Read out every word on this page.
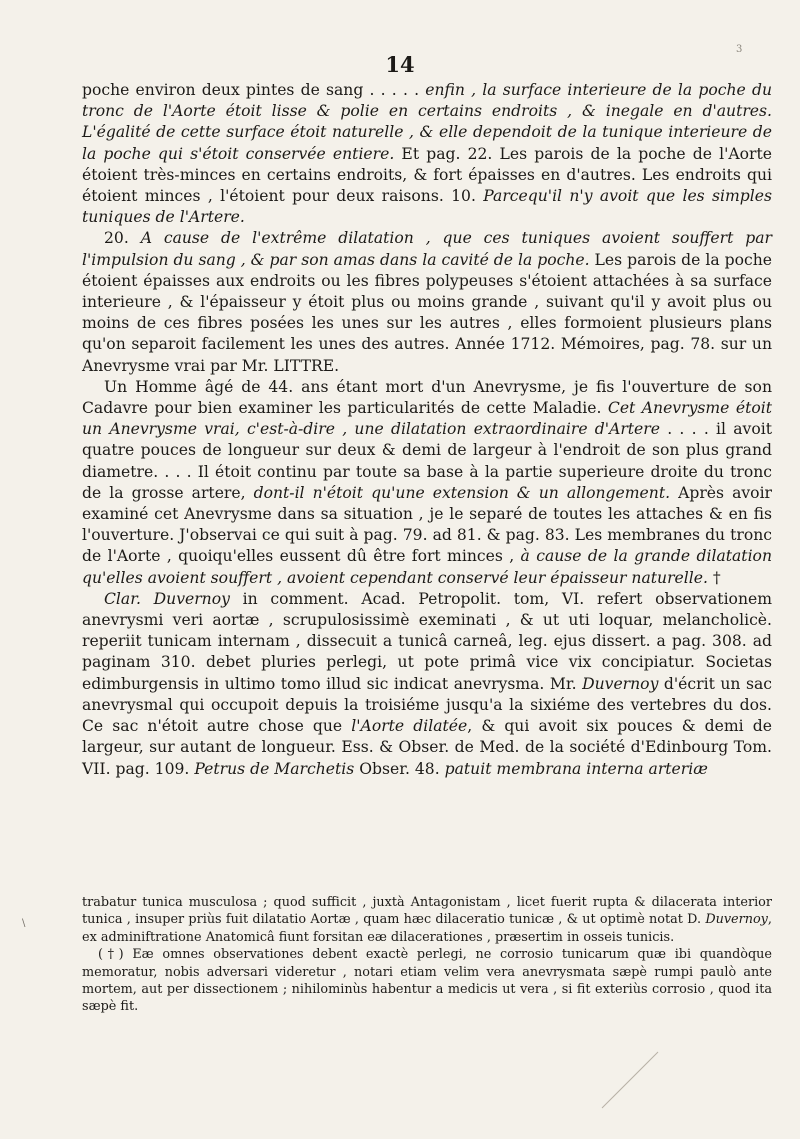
3
14

poche environ deux pintes de sang . . . . . enfin , la surface interieure de la poche du tronc de l'Aorte étoit lisse & polie en certains endroits , & inegale en d'autres. L'égalité de cette surface étoit naturelle , & elle dependoit de la tunique interieure de la poche qui s'étoit conservée entiere. Et pag. 22. Les parois de la poche de l'Aorte étoient très-minces en certains endroits, & fort épaisses en d'autres. Les endroits qui étoient minces , l'étoient pour deux raisons. 10. Parcequ'il n'y avoit que les simples tuniques de l'Artere.

20. A cause de l'extrême dilatation , que ces tuniques avoient souffert par l'impulsion du sang , & par son amas dans la cavité de la poche. Les parois de la poche étoient épaisses aux endroits ou les fibres polypeuses s'étoient attachées à sa surface interieure , & l'épaisseur y étoit plus ou moins grande , suivant qu'il y avoit plus ou moins de ces fibres posées les unes sur les autres , elles formoient plusieurs plans qu'on separoit facilement les unes des autres. Année 1712. Mémoires, pag. 78. sur un Anevrysme vrai par Mr. LITTRE.

Un Homme âgé de 44. ans étant mort d'un Anevrysme, je fis l'ouverture de son Cadavre pour bien examiner les particularités de cette Maladie. Cet Anevrysme étoit un Anevrysme vrai, c'est-à-dire , une dilatation extraordinaire d'Artere . . . . il avoit quatre pouces de longueur sur deux & demi de largeur à l'endroit de son plus grand diametre. . . . Il étoit continu par toute sa base à la partie superieure droite du tronc de la grosse artere, dont-il n'étoit qu'une extension & un allongement. Après avoir examiné cet Anevrysme dans sa situation , je le separé de toutes les attaches & en fis l'ouverture. J'observai ce qui suit à pag. 79. ad 81. & pag. 83. Les membranes du tronc de l'Aorte , quoiqu'elles eussent dû être fort minces , à cause de la grande dilatation qu'elles avoient souffert , avoient cependant conservé leur épaisseur naturelle. †

Clar. Duvernoy in comment. Acad. Petropolit. tom, VI. refert observationem anevrysmi veri aortæ , scrupulosissimè exeminati , & ut uti loquar, melancholicè. reperiit tunicam internam , dissecuit a tunicâ carneâ, leg. ejus dissert. a pag. 308. ad paginam 310. debet pluries perlegi, ut pote primâ vice vix concipiatur. Societas edimburgensis in ultimo tomo illud sic indicat anevrysma. Mr. Duvernoy d'écrit un sac anevrysmal qui occupoit depuis la troisiéme jusqu'a la sixiéme des vertebres du dos. Ce sac n'étoit autre chose que l'Aorte dilatée, & qui avoit six pouces & demi de largeur, sur autant de longueur. Ess. & Obser. de Med. de la société d'Edinbourg Tom. VII. pag. 109. Petrus de Marchetis Obser. 48. patuit membrana interna arteriæ

\

trabatur tunica musculosa ; quod sufficit , juxtà Antagonistam , licet fuerit rupta & dilacerata interior tunica , insuper priùs fuit dilatatio Aortæ , quam hæc dilaceratio tunicæ , & ut optimè notat D. Duvernoy, ex adminiftratione Anatomicâ fiunt forsitan eæ dilacerationes , præsertim in osseis tunicis.

(†) Eæ omnes observationes debent exactè perlegi, ne corrosio tunicarum quæ ibi quandòque memoratur, nobis adversari videretur , notari etiam velim vera anevrysmata sæpè rumpi paulò ante mortem, aut per dissectionem ; nihilominùs habentur a medicis ut vera , si fit exteriùs corrosio , quod ita sæpè fit.
